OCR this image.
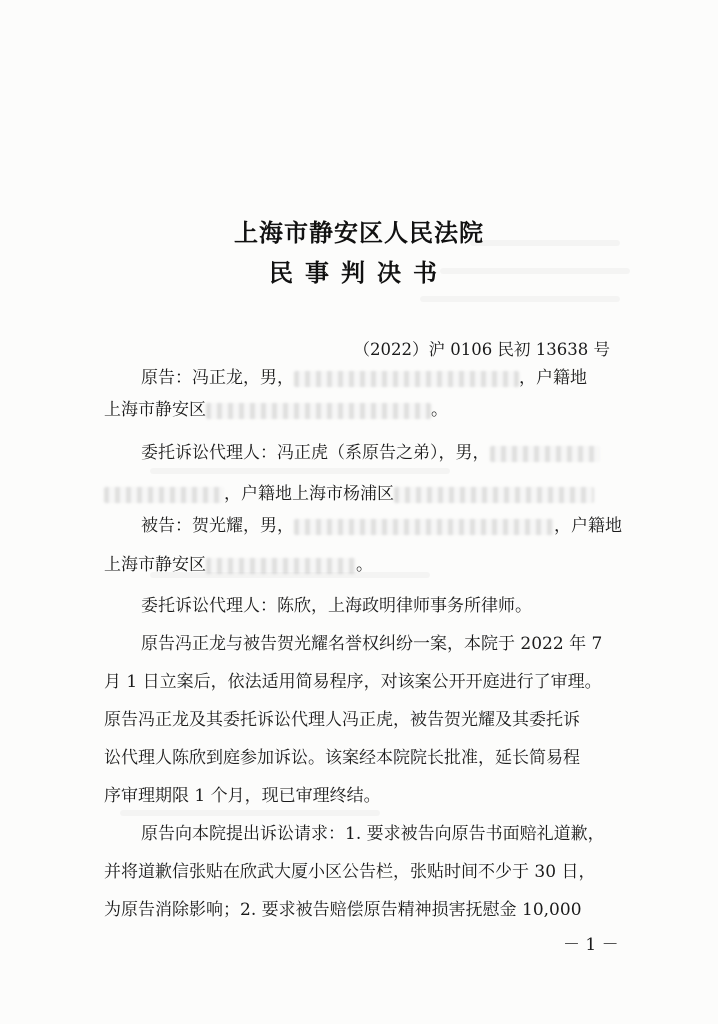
上海市静安区人民法院
民事判决书
（2022）沪 0106 民初 13638 号
原告：冯正龙，男，	，户籍地
上海市静安区	。
委托诉讼代理人：冯正虎（系原告之弟），男，
，户籍地上海市杨浦区
被告：贺光耀，男，	，户籍地
上海市静安区	。
委托诉讼代理人：陈欣，上海政明律师事务所律师。
原告冯正龙与被告贺光耀名誉权纠纷一案，本院于 2022 年 7
月 1 日立案后，依法适用简易程序，对该案公开开庭进行了审理。
原告冯正龙及其委托诉讼代理人冯正虎，被告贺光耀及其委托诉
讼代理人陈欣到庭参加诉讼。该案经本院院长批准，延长简易程
序审理期限 1 个月，现已审理终结。
原告向本院提出诉讼请求：1. 要求被告向原告书面赔礼道歉，
并将道歉信张贴在欣武大厦小区公告栏，张贴时间不少于 30 日，
为原告消除影响；2. 要求被告赔偿原告精神损害抚慰金 10,000
－ 1 －
